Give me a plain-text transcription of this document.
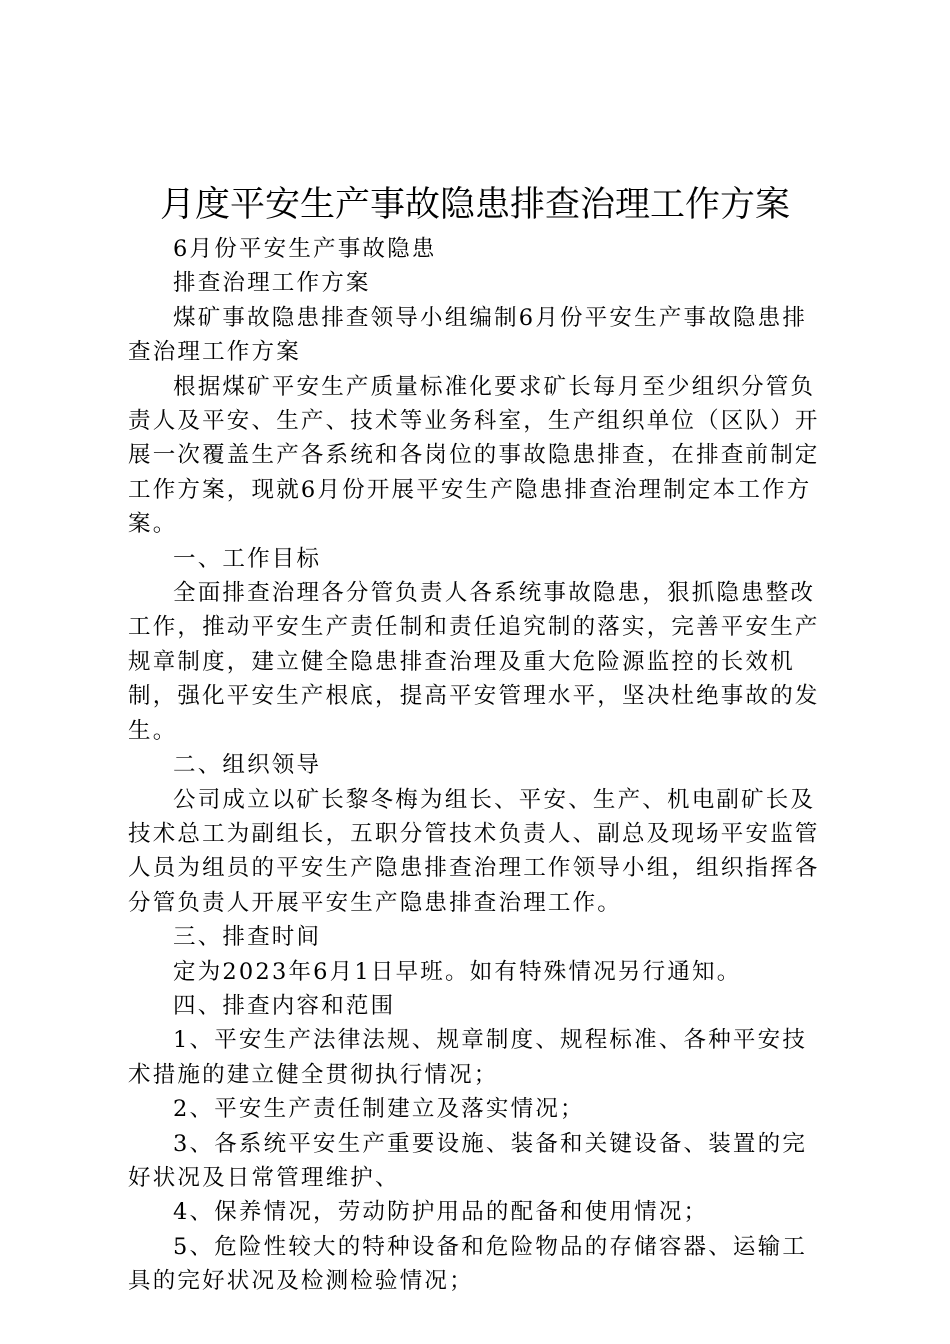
月度平安生产事故隐患排查治理工作方案

6月份平安生产事故隐患

排查治理工作方案

煤矿事故隐患排查领导小组编制6月份平安生产事故隐患排查治理工作方案

根据煤矿平安生产质量标准化要求矿长每月至少组织分管负责人及平安、生产、技术等业务科室，生产组织单位（区队）开展一次覆盖生产各系统和各岗位的事故隐患排查，在排查前制定工作方案，现就6月份开展平安生产隐患排查治理制定本工作方案。

一、工作目标

全面排查治理各分管负责人各系统事故隐患，狠抓隐患整改工作，推动平安生产责任制和责任追究制的落实，完善平安生产规章制度，建立健全隐患排查治理及重大危险源监控的长效机制，强化平安生产根底，提高平安管理水平，坚决杜绝事故的发生。

二、组织领导

公司成立以矿长黎冬梅为组长、平安、生产、机电副矿长及技术总工为副组长，五职分管技术负责人、副总及现场平安监管人员为组员的平安生产隐患排查治理工作领导小组，组织指挥各分管负责人开展平安生产隐患排查治理工作。

三、排查时间

定为2023年6月1日早班。如有特殊情况另行通知。

四、排查内容和范围

1、平安生产法律法规、规章制度、规程标准、各种平安技术措施的建立健全贯彻执行情况；

2、平安生产责任制建立及落实情况；

3、各系统平安生产重要设施、装备和关键设备、装置的完好状况及日常管理维护、

4、保养情况，劳动防护用品的配备和使用情况；

5、危险性较大的特种设备和危险物品的存储容器、运输工具的完好状况及检测检验情况；
